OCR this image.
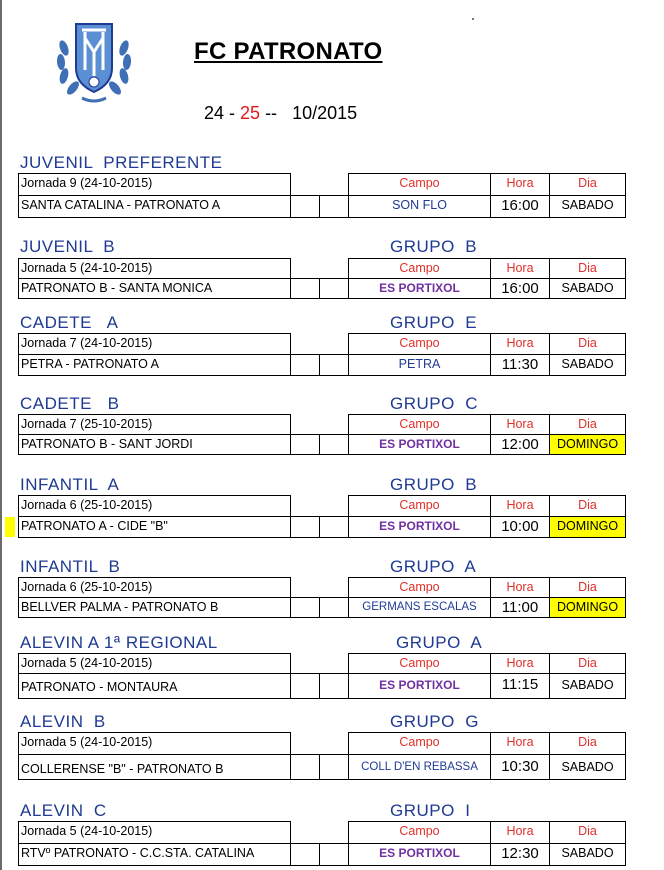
FC PATRONATO
24 - 25 --   10/2015
JUVENIL  PREFERENTE
Jornada 9 (24-10-2015)	Campo	Hora	Dia
SANTA CATALINA - PATRONATO A	SON FLO	16:00	SABADO
JUVENIL  B	GRUPO  B
Jornada 5 (24-10-2015)	Campo	Hora	Dia
PATRONATO B - SANTA MONICA	ES PORTIXOL	16:00	SABADO
CADETE   A	GRUPO  E
Jornada 7 (24-10-2015)	Campo	Hora	Dia
PETRA - PATRONATO A	PETRA	11:30	SABADO
CADETE   B	GRUPO  C
Jornada 7 (25-10-2015)	Campo	Hora	Dia
PATRONATO B - SANT JORDI	ES PORTIXOL	12:00	DOMINGO
INFANTIL  A	GRUPO  B
Jornada 6 (25-10-2015)	Campo	Hora	Dia
PATRONATO A - CIDE "B"	ES PORTIXOL	10:00	DOMINGO
INFANTIL  B	GRUPO  A
Jornada 6 (25-10-2015)	Campo	Hora	Dia
BELLVER PALMA - PATRONATO B	GERMANS ESCALAS	11:00	DOMINGO
ALEVIN A 1ª REGIONAL	GRUPO  A
Jornada 5 (24-10-2015)	Campo	Hora	Dia
PATRONATO - MONTAURA	ES PORTIXOL	11:15	SABADO
ALEVIN  B	GRUPO  G
Jornada 5 (24-10-2015)	Campo	Hora	Dia
COLLERENSE "B" - PATRONATO B	COLL D'EN REBASSA	10:30	SABADO
ALEVIN  C	GRUPO  I
Jornada 5 (24-10-2015)	Campo	Hora	Dia
RTVº PATRONATO - C.C.STA. CATALINA	ES PORTIXOL	12:30	SABADO
